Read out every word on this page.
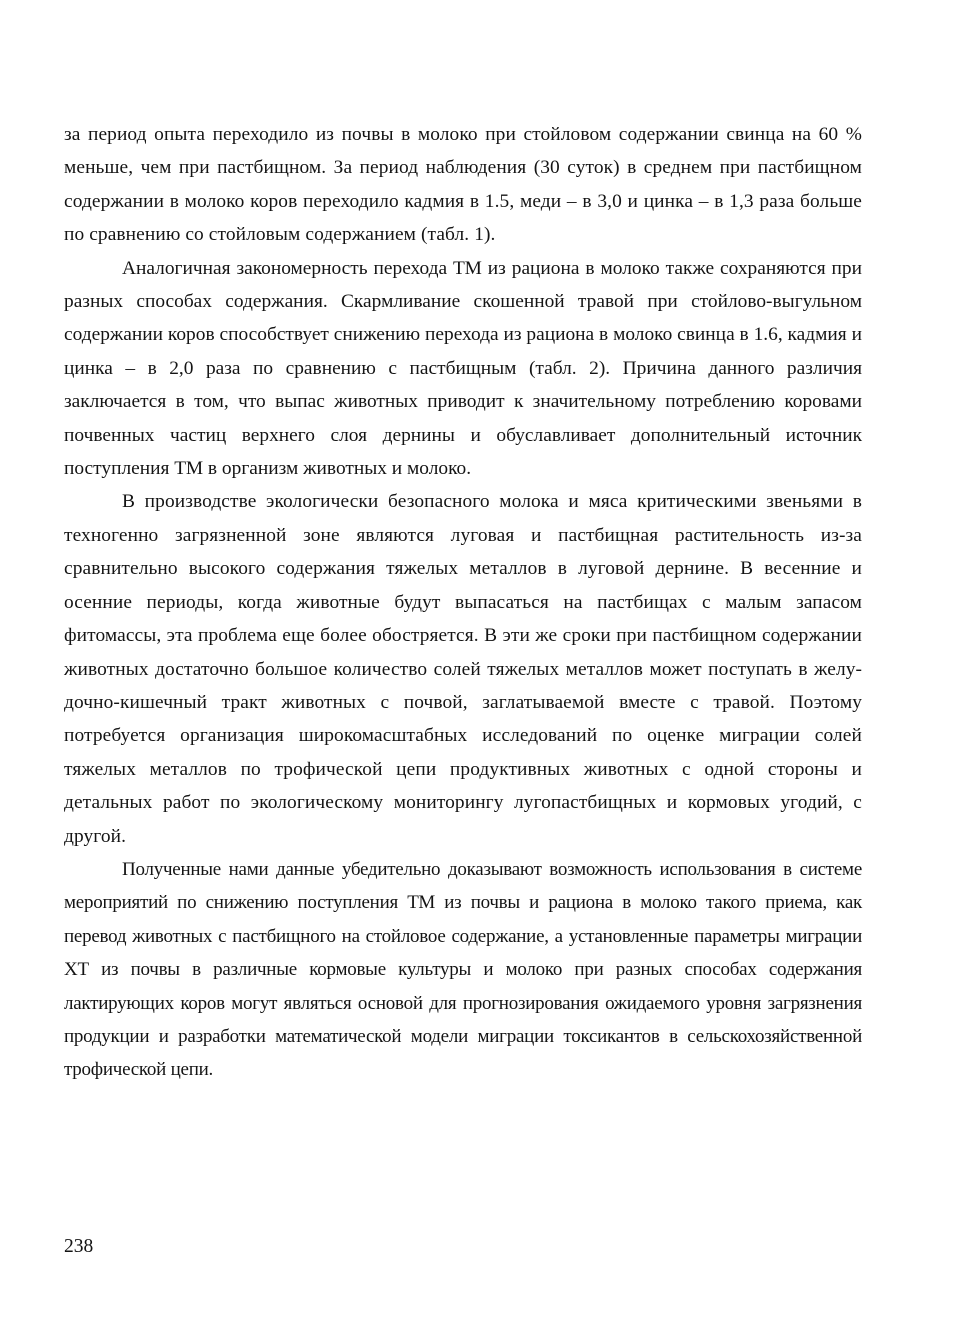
за период опыта переходило из почвы в молоко при стойловом содержании свинца на 60 % меньше, чем при пастбищном. За период наблюдения (30 суток) в среднем при пастбищном содержании в молоко коров переходило кадмия в 1.5, меди – в 3,0 и цинка – в 1,3 раза больше по сравнению со стойловым содержанием (табл. 1).

Аналогичная закономерность перехода ТМ из рациона в молоко также сохраняются при разных способах содержания. Скармливание скошенной травой при стойлово-выгульном содержании коров способствует снижению перехода из рациона в молоко свинца в 1.6, кадмия и цинка – в 2,0 раза по сравнению с пастбищным (табл. 2). Причина данного различия заключается в том, что выпас животных приводит к значительному потреблению коровами почвенных частиц верхнего слоя дернины и обуславливает дополнительный источник поступления ТМ в организм животных и молоко.

В производстве экологически безопасного молока и мяса критическими звеньями в техногенно загрязненной зоне являются луговая и пастбищная растительность из-за сравнительно высокого содержания тяжелых металлов в луговой дернине. В весенние и осенние периоды, когда животные будут выпасаться на пастбищах с малым запасом фитомассы, эта проблема еще более обостряется. В эти же сроки при пастбищном содержании животных достаточно большое количество солей тяжелых металлов может поступать в желудочно-кишечный тракт животных с почвой, заглатываемой вместе с травой. Поэтому потребуется организация широкомасштабных исследований по оценке миграции солей тяжелых металлов по трофической цепи продуктивных животных с одной стороны и детальных работ по экологическому мониторингу лугопастбищных и кормовых угодий, с другой.

Полученные нами данные убедительно доказывают возможность использования в системе мероприятий по снижению поступления ТМ из почвы и рациона в молоко такого приема, как перевод животных с пастбищного на стойловое содержание, а установленные параметры миграции ХТ из почвы в различные кормовые культуры и молоко при разных способах содержания лактирующих коров могут являться основой для прогнозирования ожидаемого уровня загрязнения продукции и разработки математической модели миграции токсикантов в сельскохозяйственной трофической цепи.

238
